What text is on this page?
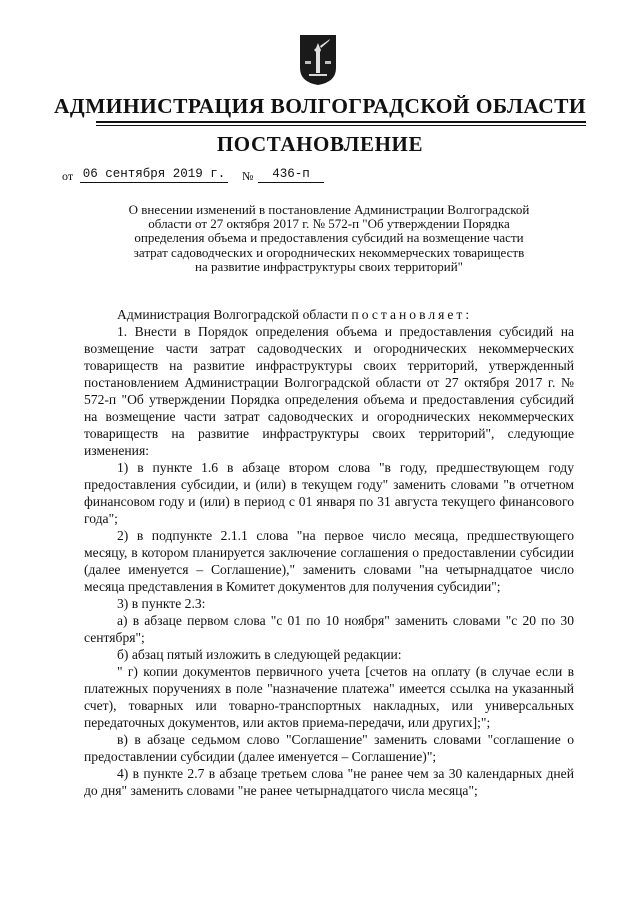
АДМИНИСТРАЦИЯ ВОЛГОГРАДСКОЙ ОБЛАСТИ
ПОСТАНОВЛЕНИЕ
от 06 сентября 2019 г. №	436-п
О внесении изменений в постановление Администрации Волгоградской
области от 27 октября 2017 г. № 572-п "Об утверждении Порядка
определения объема и предоставления субсидий на возмещение части
затрат садоводческих и огороднических некоммерческих товариществ
на развитие инфраструктуры своих территорий"

Администрация Волгоградской области постановляет:

1. Внести в Порядок определения объема и предоставления субсидий на возмещение части затрат садоводческих и огороднических некоммерческих товариществ на развитие инфраструктуры своих территорий, утвержденный постановлением Администрации Волгоградской области от 27 октября 2017 г. № 572-п "Об утверждении Порядка определения объема и предоставления субсидий на возмещение части затрат садоводческих и огороднических некоммерческих товариществ на развитие инфраструктуры своих территорий", следующие изменения:

1) в пункте 1.6 в абзаце втором слова "в году, предшествующем году предоставления субсидии, и (или) в текущем году" заменить словами "в отчетном финансовом году и (или) в период с 01 января по 31 августа текущего финансового года";

2) в подпункте 2.1.1 слова "на первое число месяца, предшествующего месяцу, в котором планируется заключение соглашения о предоставлении субсидии (далее именуется – Соглашение)," заменить словами "на четырнадцатое число месяца представления в Комитет документов для получения субсидии";

3) в пункте 2.3:

а) в абзаце первом слова "с 01 по 10 ноября" заменить словами "с 20 по 30 сентября";

б) абзац пятый изложить в следующей редакции:

" г) копии документов первичного учета [счетов на оплату (в случае если в платежных поручениях в поле "назначение платежа" имеется ссылка на указанный счет), товарных или товарно-транспортных накладных, или универсальных передаточных документов, или актов приема-передачи, или других];";

в) в абзаце седьмом слово "Соглашение" заменить словами "соглашение о предоставлении субсидии (далее именуется – Соглашение)";

4) в пункте 2.7 в абзаце третьем слова "не ранее чем за 30 календарных дней до дня" заменить словами "не ранее четырнадцатого числа месяца";
